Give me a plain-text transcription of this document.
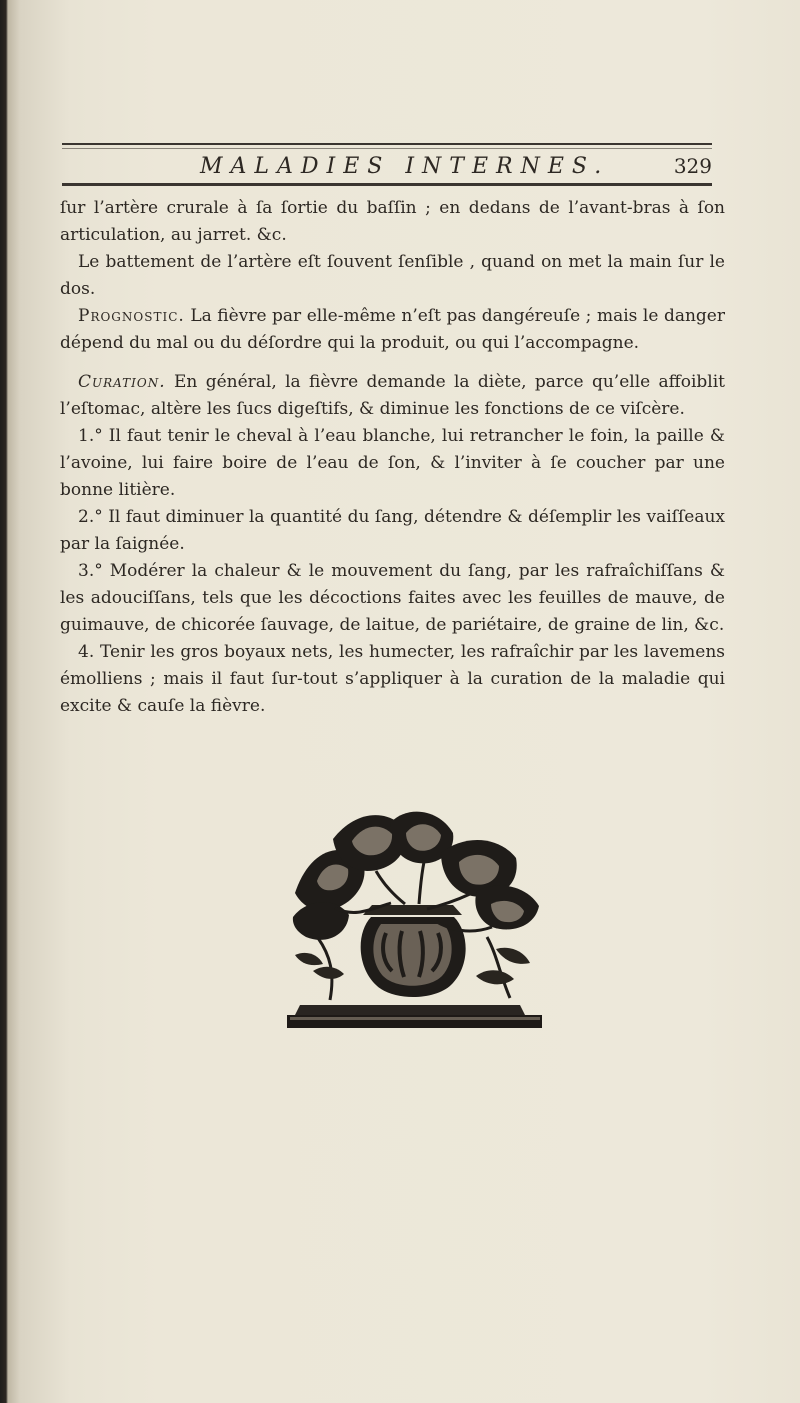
MALADIES INTERNES.	329

ſur l’artère crurale à ſa ſortie du baſſin ; en dedans de l’avant-bras à ſon articulation, au jarret. &c.

Le battement de l’artère eſt ſouvent ſenſible , quand on met la main ſur le dos.

Prognostic. La fièvre par elle-même n’eſt pas dangéreuſe ; mais le danger dépend du mal ou du déſordre qui la produit, ou qui l’accompagne.

Curation. En général, la fièvre demande la diète, parce qu’elle affoiblit l’eſtomac, altère les ſucs digeſtifs, & diminue les fonctions de ce viſcère.

1.° Il faut tenir le cheval à l’eau blanche, lui retrancher le foin, la paille & l’avoine, lui faire boire de l’eau de ſon, & l’inviter à ſe coucher par une bonne litière.

2.° Il faut diminuer la quantité du ſang, détendre & déſemplir les vaiſſeaux par la ſaignée.

3.° Modérer la chaleur & le mouvement du ſang, par les rafraîchiſſans & les adouciſſans, tels que les décoctions faites avec les feuilles de mauve, de guimauve, de chicorée ſauvage, de laitue, de pariétaire, de graine de lin, &c.

4. Tenir les gros boyaux nets, les humecter, les rafraîchir par les lavemens émolliens ; mais il faut ſur-tout s’appliquer à la curation de la maladie qui excite & cauſe la fièvre.
